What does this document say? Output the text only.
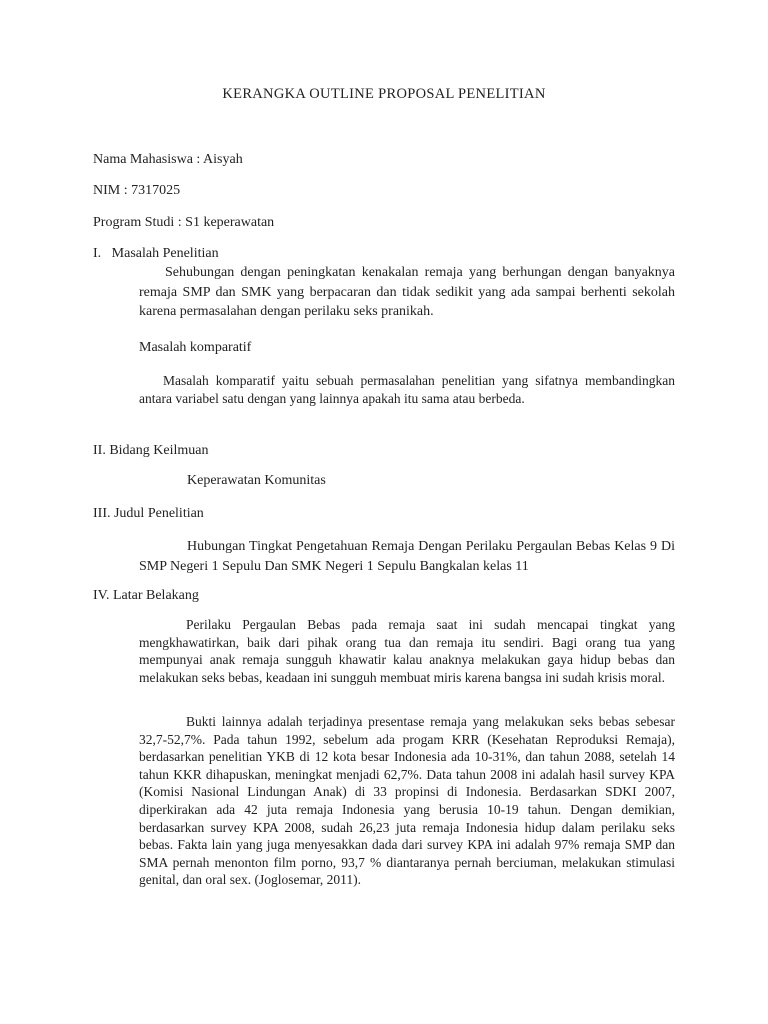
KERANGKA OUTLINE PROPOSAL PENELITIAN
Nama Mahasiswa : Aisyah
NIM : 7317025
Program Studi : S1 keperawatan
I.   Masalah Penelitian

Sehubungan dengan peningkatan kenakalan remaja yang berhungan dengan banyaknya remaja SMP dan SMK yang berpacaran dan tidak sedikit yang ada sampai berhenti sekolah karena permasalahan dengan perilaku seks pranikah.

Masalah komparatif

Masalah komparatif yaitu sebuah permasalahan penelitian yang sifatnya membandingkan antara variabel satu dengan yang lainnya apakah itu sama atau berbeda.

II. Bidang Keilmuan
Keperawatan Komunitas
III. Judul Penelitian

Hubungan Tingkat Pengetahuan Remaja Dengan Perilaku Pergaulan Bebas Kelas 9 Di SMP Negeri 1 Sepulu Dan SMK Negeri 1 Sepulu Bangkalan kelas 11

IV. Latar Belakang

Perilaku Pergaulan Bebas pada remaja saat ini sudah mencapai tingkat yang mengkhawatirkan, baik dari pihak orang tua dan remaja itu sendiri. Bagi orang tua yang mempunyai anak remaja sungguh khawatir kalau anaknya melakukan gaya hidup bebas dan melakukan seks bebas, keadaan ini sungguh membuat miris karena bangsa ini sudah krisis moral.

Bukti lainnya adalah terjadinya presentase remaja yang melakukan seks bebas sebesar 32,7-52,7%. Pada tahun 1992, sebelum ada progam KRR (Kesehatan Reproduksi Remaja), berdasarkan penelitian YKB di 12 kota besar Indonesia ada 10-31%, dan tahun 2088, setelah 14 tahun KKR dihapuskan, meningkat menjadi 62,7%. Data tahun 2008 ini adalah hasil survey KPA (Komisi Nasional Lindungan Anak) di 33 propinsi di Indonesia. Berdasarkan SDKI 2007, diperkirakan ada 42 juta remaja Indonesia yang berusia 10-19 tahun. Dengan demikian, berdasarkan survey KPA 2008, sudah 26,23 juta remaja Indonesia hidup dalam perilaku seks bebas. Fakta lain yang juga menyesakkan dada dari survey KPA ini adalah 97% remaja SMP dan SMA pernah menonton film porno, 93,7 % diantaranya pernah berciuman, melakukan stimulasi genital, dan oral sex. (Joglosemar, 2011).
